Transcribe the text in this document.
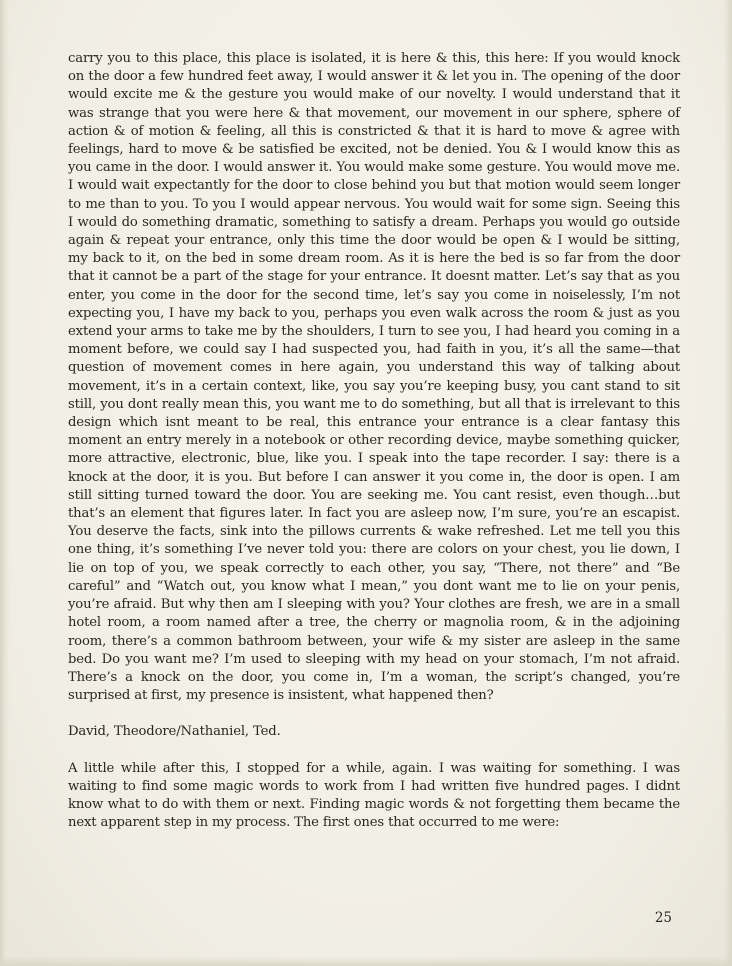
carry you to this place, this place is isolated, it is here & this, this here: If you would knock on the door a few hundred feet away, I would answer it & let you in. The opening of the door would excite me & the gesture you would make of our novelty. I would understand that it was strange that you were here & that movement, our movement in our sphere, sphere of action & of motion & feeling, all this is constricted & that it is hard to move & agree with feelings, hard to move & be satisfied be excited, not be denied. You & I would know this as you came in the door. I would answer it. You would make some gesture. You would move me. I would wait expectantly for the door to close behind you but that motion would seem longer to me than to you. To you I would appear nervous. You would wait for some sign. Seeing this I would do something dramatic, something to satisfy a dream. Perhaps you would go outside again & repeat your entrance, only this time the door would be open & I would be sitting, my back to it, on the bed in some dream room. As it is here the bed is so far from the door that it cannot be a part of the stage for your entrance. It doesnt matter. Let’s say that as you enter, you come in the door for the second time, let’s say you come in noiselessly, I’m not expecting you, I have my back to you, perhaps you even walk across the room & just as you extend your arms to take me by the shoulders, I turn to see you, I had heard you coming in a moment before, we could say I had suspected you, had faith in you, it’s all the same—that question of movement comes in here again, you understand this way of talking about movement, it’s in a certain context, like, you say you’re keeping busy, you cant stand to sit still, you dont really mean this, you want me to do something, but all that is irrelevant to this design which isnt meant to be real, this entrance your entrance is a clear fantasy this moment an entry merely in a notebook or other recording device, maybe something quicker, more attractive, electronic, blue, like you. I speak into the tape recorder. I say: there is a knock at the door, it is you. But before I can answer it you come in, the door is open. I am still sitting turned toward the door. You are seeking me. You cant resist, even though…but that’s an element that figures later. In fact you are asleep now, I’m sure, you’re an escapist. You deserve the facts, sink into the pillows currents & wake refreshed. Let me tell you this one thing, it’s something I’ve never told you: there are colors on your chest, you lie down, I lie on top of you, we speak correctly to each other, you say, “There, not there” and “Be careful” and “Watch out, you know what I mean,” you dont want me to lie on your penis, you’re afraid. But why then am I sleeping with you? Your clothes are fresh, we are in a small hotel room, a room named after a tree, the cherry or magnolia room, & in the adjoining room, there’s a common bathroom between, your wife & my sister are asleep in the same bed. Do you want me? I’m used to sleeping with my head on your stomach, I’m not afraid. There’s a knock on the door, you come in, I’m a woman, the script’s changed, you’re surprised at first, my presence is insistent, what happened then?

David, Theodore/Nathaniel, Ted.

A little while after this, I stopped for a while, again. I was waiting for something. I was waiting to find some magic words to work from I had written five hundred pages. I didnt know what to do with them or next. Finding magic words & not forgetting them became the next apparent step in my process. The first ones that occurred to me were:

25
